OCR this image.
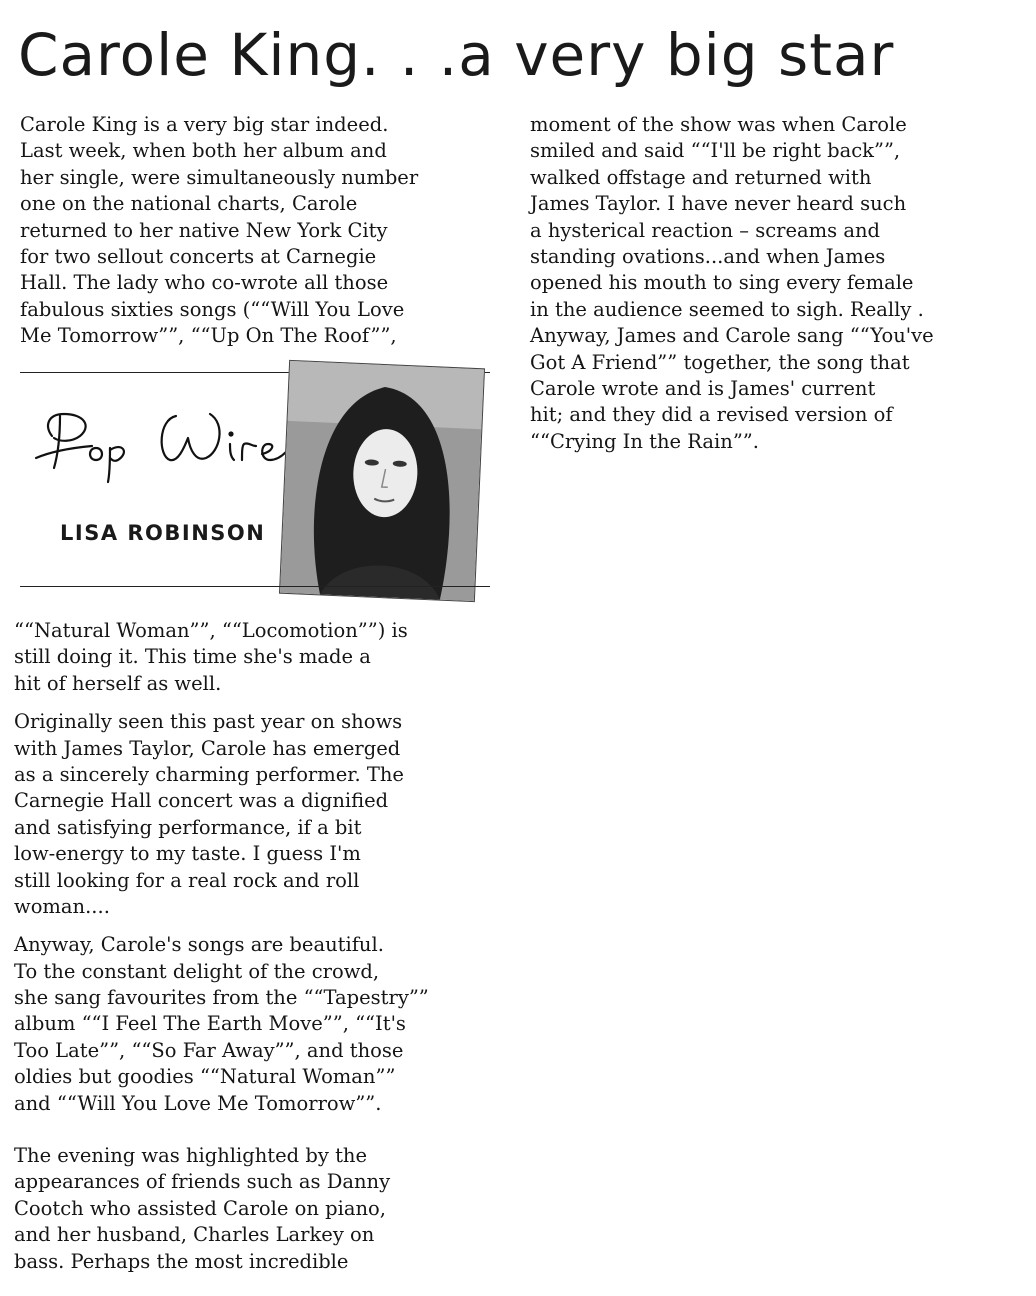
Carole King. . .a very big star
Carole King is a very big star indeed.
Last week, when both her album and
her single, were simultaneously number
one on the national charts, Carole
returned to her native New York City
for two sellout concerts at Carnegie
Hall. The lady who co-wrote all those
fabulous sixties songs (““Will You Love
Me Tomorrow””, ““Up On The Roof””,
LISA ROBINSON
““Natural Woman””, ““Locomotion””) is
still doing it. This time she's made a
hit of herself as well.
Originally seen this past year on shows
with James Taylor, Carole has emerged
as a sincerely charming performer. The
Carnegie Hall concert was a dignified
and satisfying performance, if a bit
low-energy to my taste. I guess I'm
still looking for a real rock and roll
woman....
Anyway, Carole's songs are beautiful.
To the constant delight of the crowd,
she sang favourites from the ““Tapestry””
album ““I Feel The Earth Move””, ““It's
Too Late””, ““So Far Away””, and those
oldies but goodies ““Natural Woman””
and ““Will You Love Me Tomorrow””.
The evening was highlighted by the
appearances of friends such as Danny
Cootch who assisted Carole on piano,
and her husband, Charles Larkey on
bass. Perhaps the most incredible
moment of the show was when Carole
smiled and said ““I'll be right back””,
walked offstage and returned with
James Taylor. I have never heard such
a hysterical reaction – screams and
standing ovations...and when James
opened his mouth to sing every female
in the audience seemed to sigh. Really .
Anyway, James and Carole sang ““You've
Got A Friend”” together, the song that
Carole wrote and is James' current
hit; and they did a revised version of
““Crying In the Rain””.
